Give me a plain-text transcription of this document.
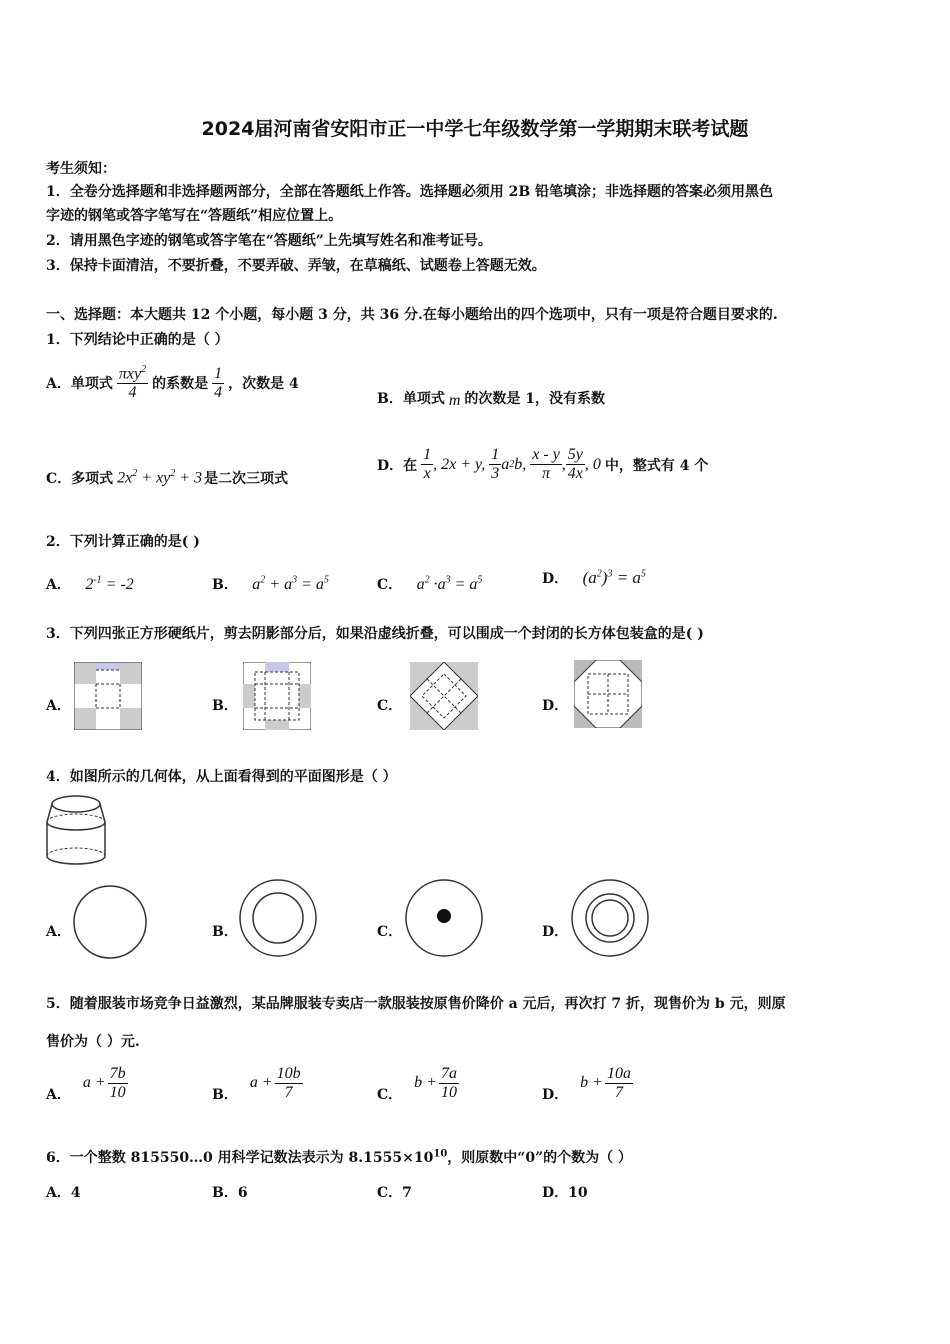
2024届河南省安阳市正一中学七年级数学第一学期期末联考试题
考生须知：
1．全卷分选择题和非选择题两部分，全部在答题纸上作答。选择题必须用 2B 铅笔填涂；非选择题的答案必须用黑色
字迹的钢笔或答字笔写在“答题纸”相应位置上。
2．请用黑色字迹的钢笔或答字笔在“答题纸”上先填写姓名和准考证号。
3．保持卡面清洁，不要折叠，不要弄破、弄皱，在草稿纸、试题卷上答题无效。
一、选择题：本大题共 12 个小题，每小题 3 分，共 36 分.在每小题给出的四个选项中，只有一项是符合题目要求的.
1．下列结论中正确的是（ ）
A．单项式 $\frac{\pi xy^2}{4}$ 的系数是 $\frac{1}{4}$ ，次数是 4
B．单项式 m 的次数是 1，没有系数
C．多项式 $2x^2 + xy^2 + 3$ 是二次三项式
D．在 $\frac{1}{x}$ , 2x + y, $\frac{1}{3}$ a 2 b, $\frac{x - y}{\pi}$ , $\frac{5y}{4x}$ , 0 中，整式有 4 个
2．下列计算正确的是( )
A． $2^{-1} = -2$	B． $a^2 + a^3 = a^5$	C． $a^2 \cdot a^3 = a^5$	D． $(a^2)^3 = a^5$
3．下列四张正方形硬纸片，剪去阴影部分后，如果沿虚线折叠，可以围成一个封闭的长方体包装盒的是( )
A．	B．	C．	D．
4．如图所示的几何体，从上面看得到的平面图形是（ ）
A．	B．	C．	D．
5．随着服装市场竞争日益激烈，某品牌服装专卖店一款服装按原售价降价 a 元后，再次打 7 折，现售价为 b 元，则原
售价为（ ）元.
A．
$a + \frac{7b}{10}$	B．
$a + \frac{10b}{7}$	C．
$b + \frac{7a}{10}$	D．
$b + \frac{10a}{7}$
6．一个整数 815550…0 用科学记数法表示为 $8.1555\times 10^{10}$，则原数中“0”的个数为（ ）
A．4	B．6	C．7	D．10
